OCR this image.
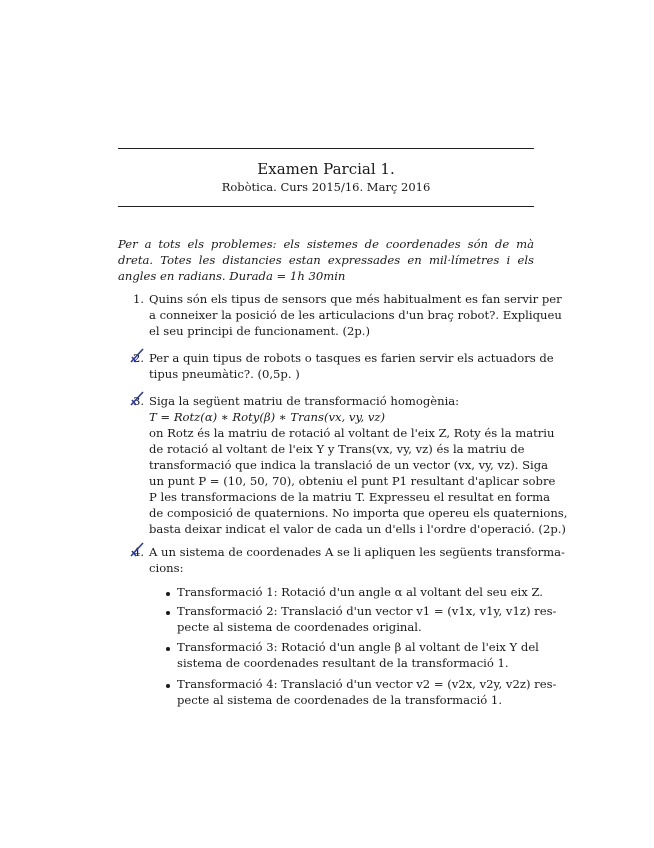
Examen Parcial 1.
Robòtica. Curs 2015/16. Març 2016
Per a tots els problemes: els sistemes de coordenades són de mà dreta. Totes les distancies estan expressades en mil·límetres i els angles en radians. Durada = 1h 30min
1. Quins són els tipus de sensors que més habitualment es fan servir per
a conneixer la posició de les articulacions d'un braç robot?. Expliqueu
el seu principi de funcionament. (2p.)
2. Per a quin tipus de robots o tasques es farien servir els actuadors de
tipus pneumàtic?. (0,5p. )
3. Siga la següent matriu de transformació homogènia:
T = Rotz(α) ∗ Roty(β) ∗ Trans(vx, vy, vz)
on Rotz és la matriu de rotació al voltant de l'eix Z, Roty és la matriu
de rotació al voltant de l'eix Y y Trans(vx, vy, vz) és la matriu de
transformació que indica la translació de un vector (vx, vy, vz). Siga
un punt P = (10, 50, 70), obteniu el punt P1 resultant d'aplicar sobre
P les transformacions de la matriu T. Expresseu el resultat en forma
de composició de quaternions. No importa que opereu els quaternions,
basta deixar indicat el valor de cada un d'ells i l'ordre d'operació. (2p.)
4. A un sistema de coordenades A se li apliquen les següents transforma-
cions:
Transformació 1: Rotació d'un angle α al voltant del seu eix Z.
Transformació 2: Translació d'un vector v1 = (v1x, v1y, v1z) res-
pecte al sistema de coordenades original.
Transformació 3: Rotació d'un angle β al voltant de l'eix Y del
sistema de coordenades resultant de la transformació 1.
Transformació 4: Translació d'un vector v2 = (v2x, v2y, v2z) res-
pecte al sistema de coordenades de la transformació 1.
